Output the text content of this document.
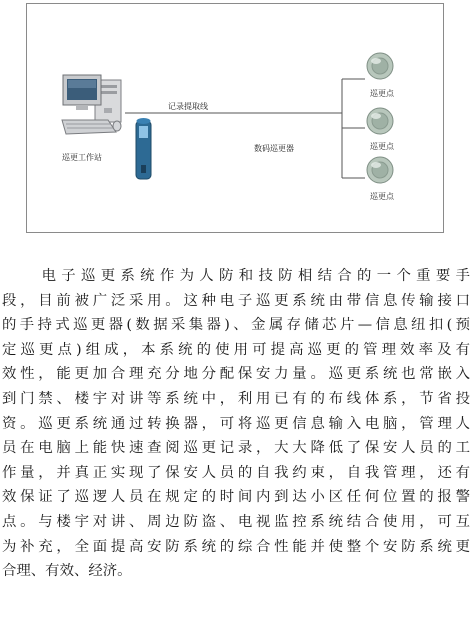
记录提取线
巡更工作站
数码巡更器
巡更点
巡更点
巡更点

电子巡更系统作为人防和技防相结合的一个重要手
段，目前被广泛采用。这种电子巡更系统由带信息传输接口
的手持式巡更器(数据采集器)、金属存储芯片—信息纽扣(预
定巡更点)组成，本系统的使用可提高巡更的管理效率及有
效性，能更加合理充分地分配保安力量。巡更系统也常嵌入
到门禁、楼宇对讲等系统中，利用已有的布线体系，节省投
资。巡更系统通过转换器，可将巡更信息输入电脑，管理人
员在电脑上能快速查阅巡更记录，大大降低了保安人员的工
作量，并真正实现了保安人员的自我约束，自我管理，还有
效保证了巡逻人员在规定的时间内到达小区任何位置的报警
点。与楼宇对讲、周边防盗、电视监控系统结合使用，可互
为补充，全面提高安防系统的综合性能并使整个安防系统更
合理、有效、经济。
